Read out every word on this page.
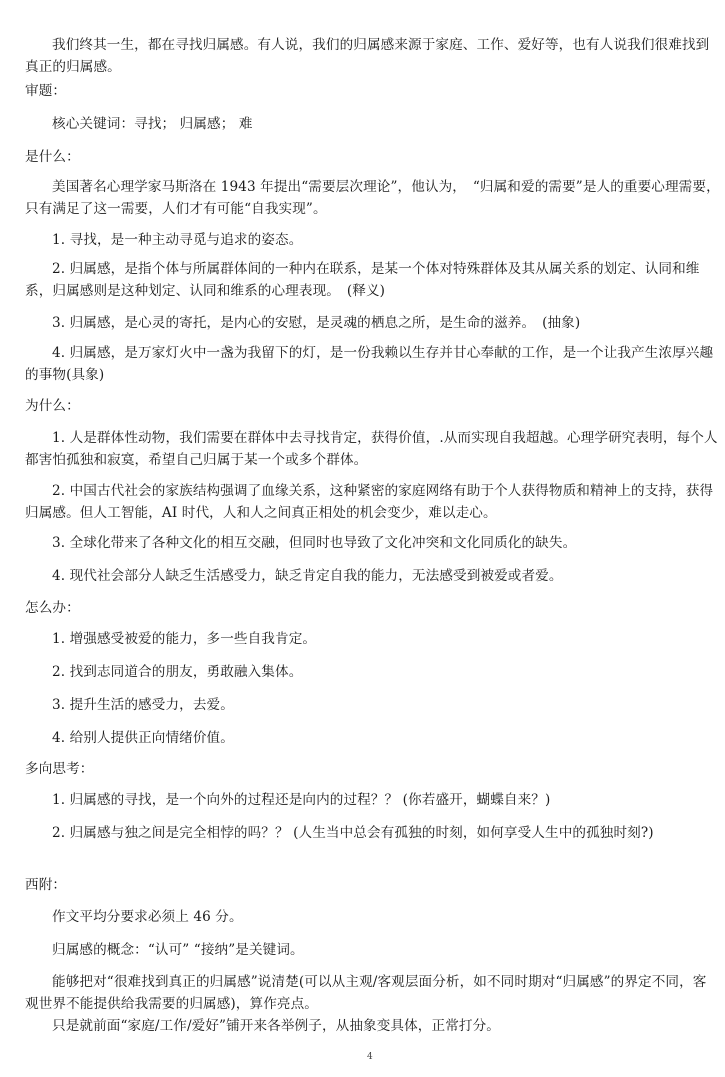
我们终其一生，都在寻找归属感。有人说，我们的归属感来源于家庭、工作、爱好等，也有人说我们很难找到真正的归属感。
审题：
核心关键词：寻找； 归属感； 难
是什么：
美国著名心理学家马斯洛在 1943 年提出“需要层次理论”，他认为，　“归属和爱的需要”是人的重要心理需要，只有满足了这一需要，人们才有可能“自我实现”。
1. 寻找，是一种主动寻觅与追求的姿态。
2. 归属感，是指个体与所属群体间的一种内在联系，是某一个体对特殊群体及其从属关系的划定、认同和维系，归属感则是这种划定、认同和维系的心理表现。　(释义)
3. 归属感，是心灵的寄托，是内心的安慰，是灵魂的栖息之所，是生命的滋养。　(抽象)
4. 归属感，是万家灯火中一盏为我留下的灯，是一份我赖以生存并甘心奉献的工作，是一个让我产生浓厚兴趣的事物(具象)
为什么：
1. 人是群体性动物，我们需要在群体中去寻找肯定，获得价值，.从而实现自我超越。心理学研究表明，每个人都害怕孤独和寂寞，希望自己归属于某一个或多个群体。
2. 中国古代社会的家族结构强调了血缘关系，这种紧密的家庭网络有助于个人获得物质和精神上的支持，获得归属感。但人工智能，AI 时代，人和人之间真正相处的机会变少，难以走心。
3. 全球化带来了各种文化的相互交融，但同时也导致了文化冲突和文化同质化的缺失。
4. 现代社会部分人缺乏生活感受力，缺乏肯定自我的能力，无法感受到被爱或者爱。
怎么办：
1. 增强感受被爱的能力，多一些自我肯定。
2. 找到志同道合的朋友，勇敢融入集体。
3. 提升生活的感受力，去爱。
4. 给别人提供正向情绪价值。
多向思考：
1. 归属感的寻找，是一个向外的过程还是向内的过程？？ (你若盛开，蝴蝶自来？)
2. 归属感与独之间是完全相悖的吗？？ (人生当中总会有孤独的时刻，如何享受人生中的孤独时刻?)
西附：
作文平均分要求必须上 46 分。
归属感的概念：“认可” “接纳”是关键词。
能够把对“很难找到真正的归属感”说清楚(可以从主观/客观层面分析，如不同时期对“归属感”的界定不同，客观世界不能提供给我需要的归属感)，算作亮点。
只是就前面“家庭/工作/爱好”铺开来各举例子，从抽象变具体，正常打分。
4
